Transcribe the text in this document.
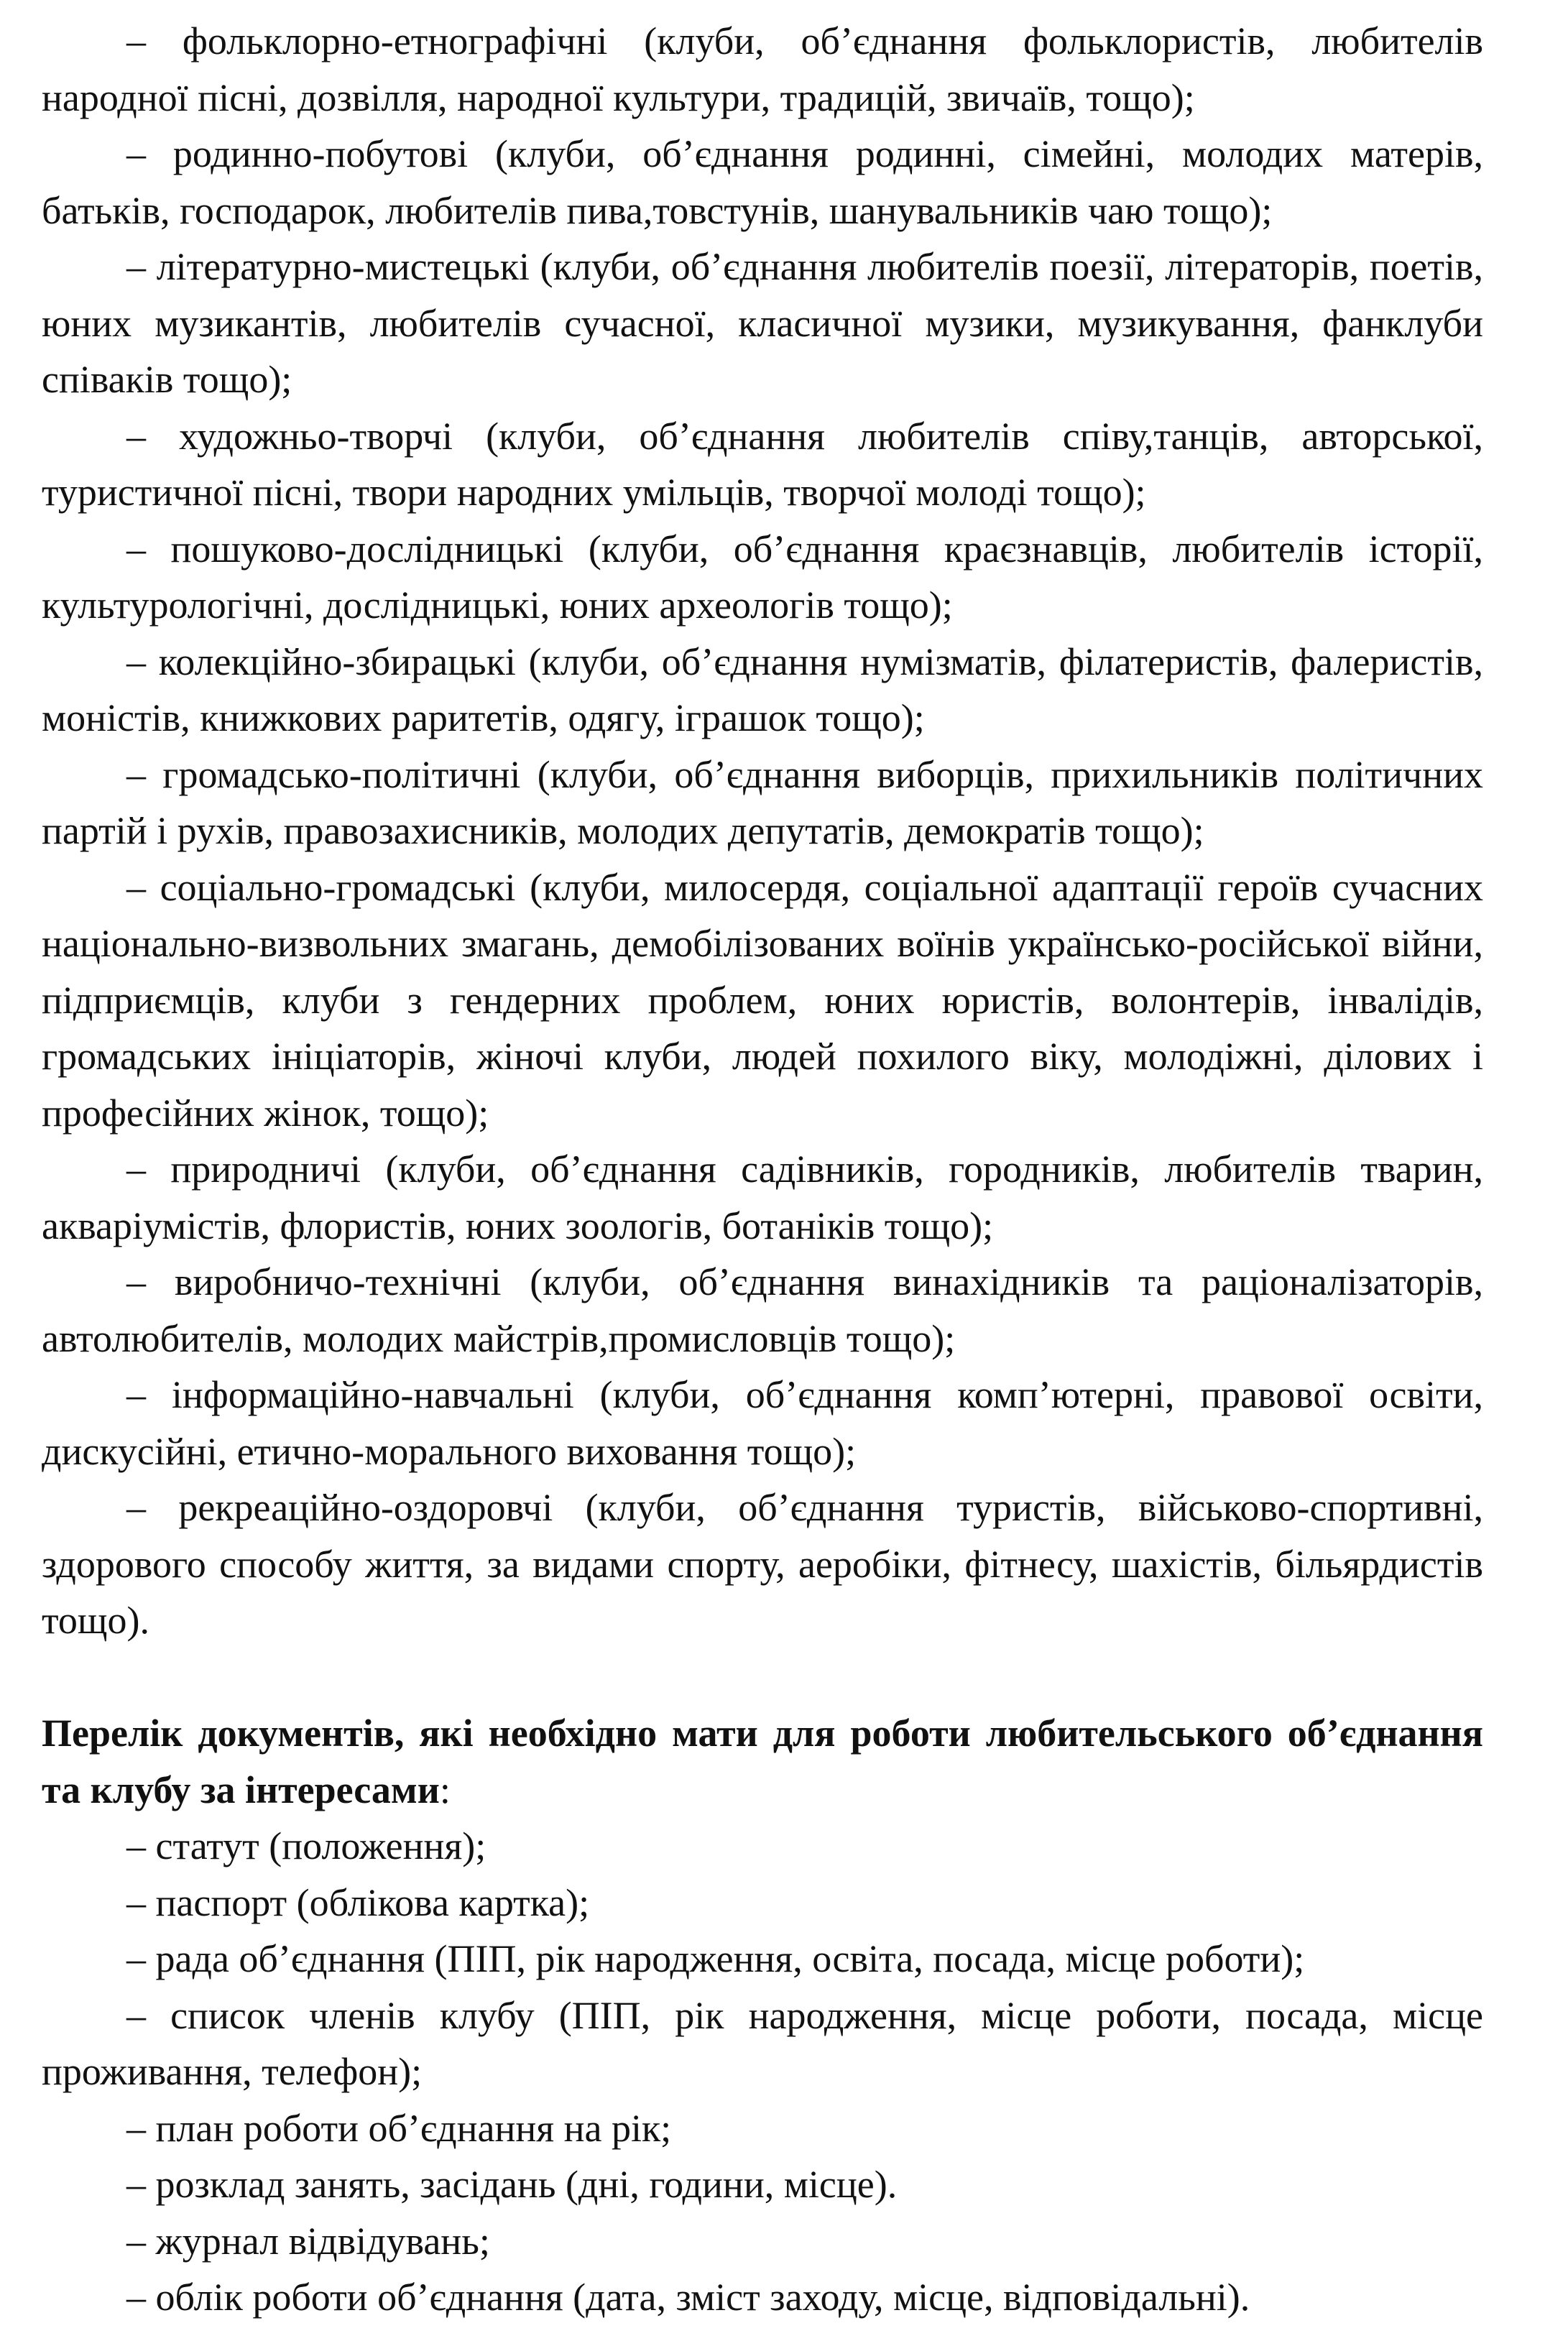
– фольклорно-етнографічні (клуби, об’єднання фольклористів, любителів народної пісні, дозвілля, народної культури, традицій, звичаїв, тощо);

– родинно-побутові (клуби, об’єднання родинні, сімейні, молодих матерів, батьків, господарок, любителів пива,товстунів, шанувальників чаю тощо);

– літературно-мистецькі (клуби, об’єднання любителів поезії, літераторів, поетів, юних музикантів, любителів сучасної, класичної музики, музикування, фанклуби співаків тощо);

– художньо-творчі (клуби, об’єднання любителів співу,танців, авторської, туристичної пісні, твори народних умільців, творчої молоді тощо);

– пошуково-дослідницькі (клуби, об’єднання краєзнавців, любителів історії, культурологічні, дослідницькі, юних археологів тощо);

– колекційно-збирацькі (клуби, об’єднання нумізматів, філатеристів, фалеристів, моністів, книжкових раритетів, одягу, іграшок тощо);

– громадсько-політичні (клуби, об’єднання виборців, прихильників політичних партій і рухів, правозахисників, молодих депутатів, демократів тощо);

– соціально-громадські (клуби, милосердя, соціальної адаптації героїв сучасних національно-визвольних змагань, демобілізованих воїнів українсько-російської війни, підприємців, клуби з гендерних проблем, юних юристів, волонтерів, інвалідів, громадських ініціаторів, жіночі клуби, людей похилого віку, молодіжні, ділових і професійних жінок, тощо);

– природничі (клуби, об’єднання садівників, городників, любителів тварин, акваріумістів, флористів, юних зоологів, ботаніків тощо);

– виробничо-технічні (клуби, об’єднання винахідників та раціоналізаторів, автолюбителів, молодих майстрів,промисловців тощо);

– інформаційно-навчальні (клуби, об’єднання комп’ютерні, правової освіти, дискусійні, етично-морального виховання тощо);

– рекреаційно-оздоровчі (клуби, об’єднання туристів, військово-спортивні, здорового способу життя, за видами спорту, аеробіки, фітнесу, шахістів, більярдистів тощо).

Перелік документів, які необхідно мати для роботи любительського об’єднання та клубу за інтересами:

– статут (положення);

– паспорт (облікова картка);

– рада об’єднання (ПІП, рік народження, освіта, посада, місце роботи);

– список членів клубу (ПІП, рік народження, місце роботи, посада, місце проживання, телефон);

– план роботи об’єднання на рік;

– розклад занять, засідань (дні, години, місце).

– журнал відвідувань;

– облік роботи об’єднання (дата, зміст заходу, місце, відповідальні).
